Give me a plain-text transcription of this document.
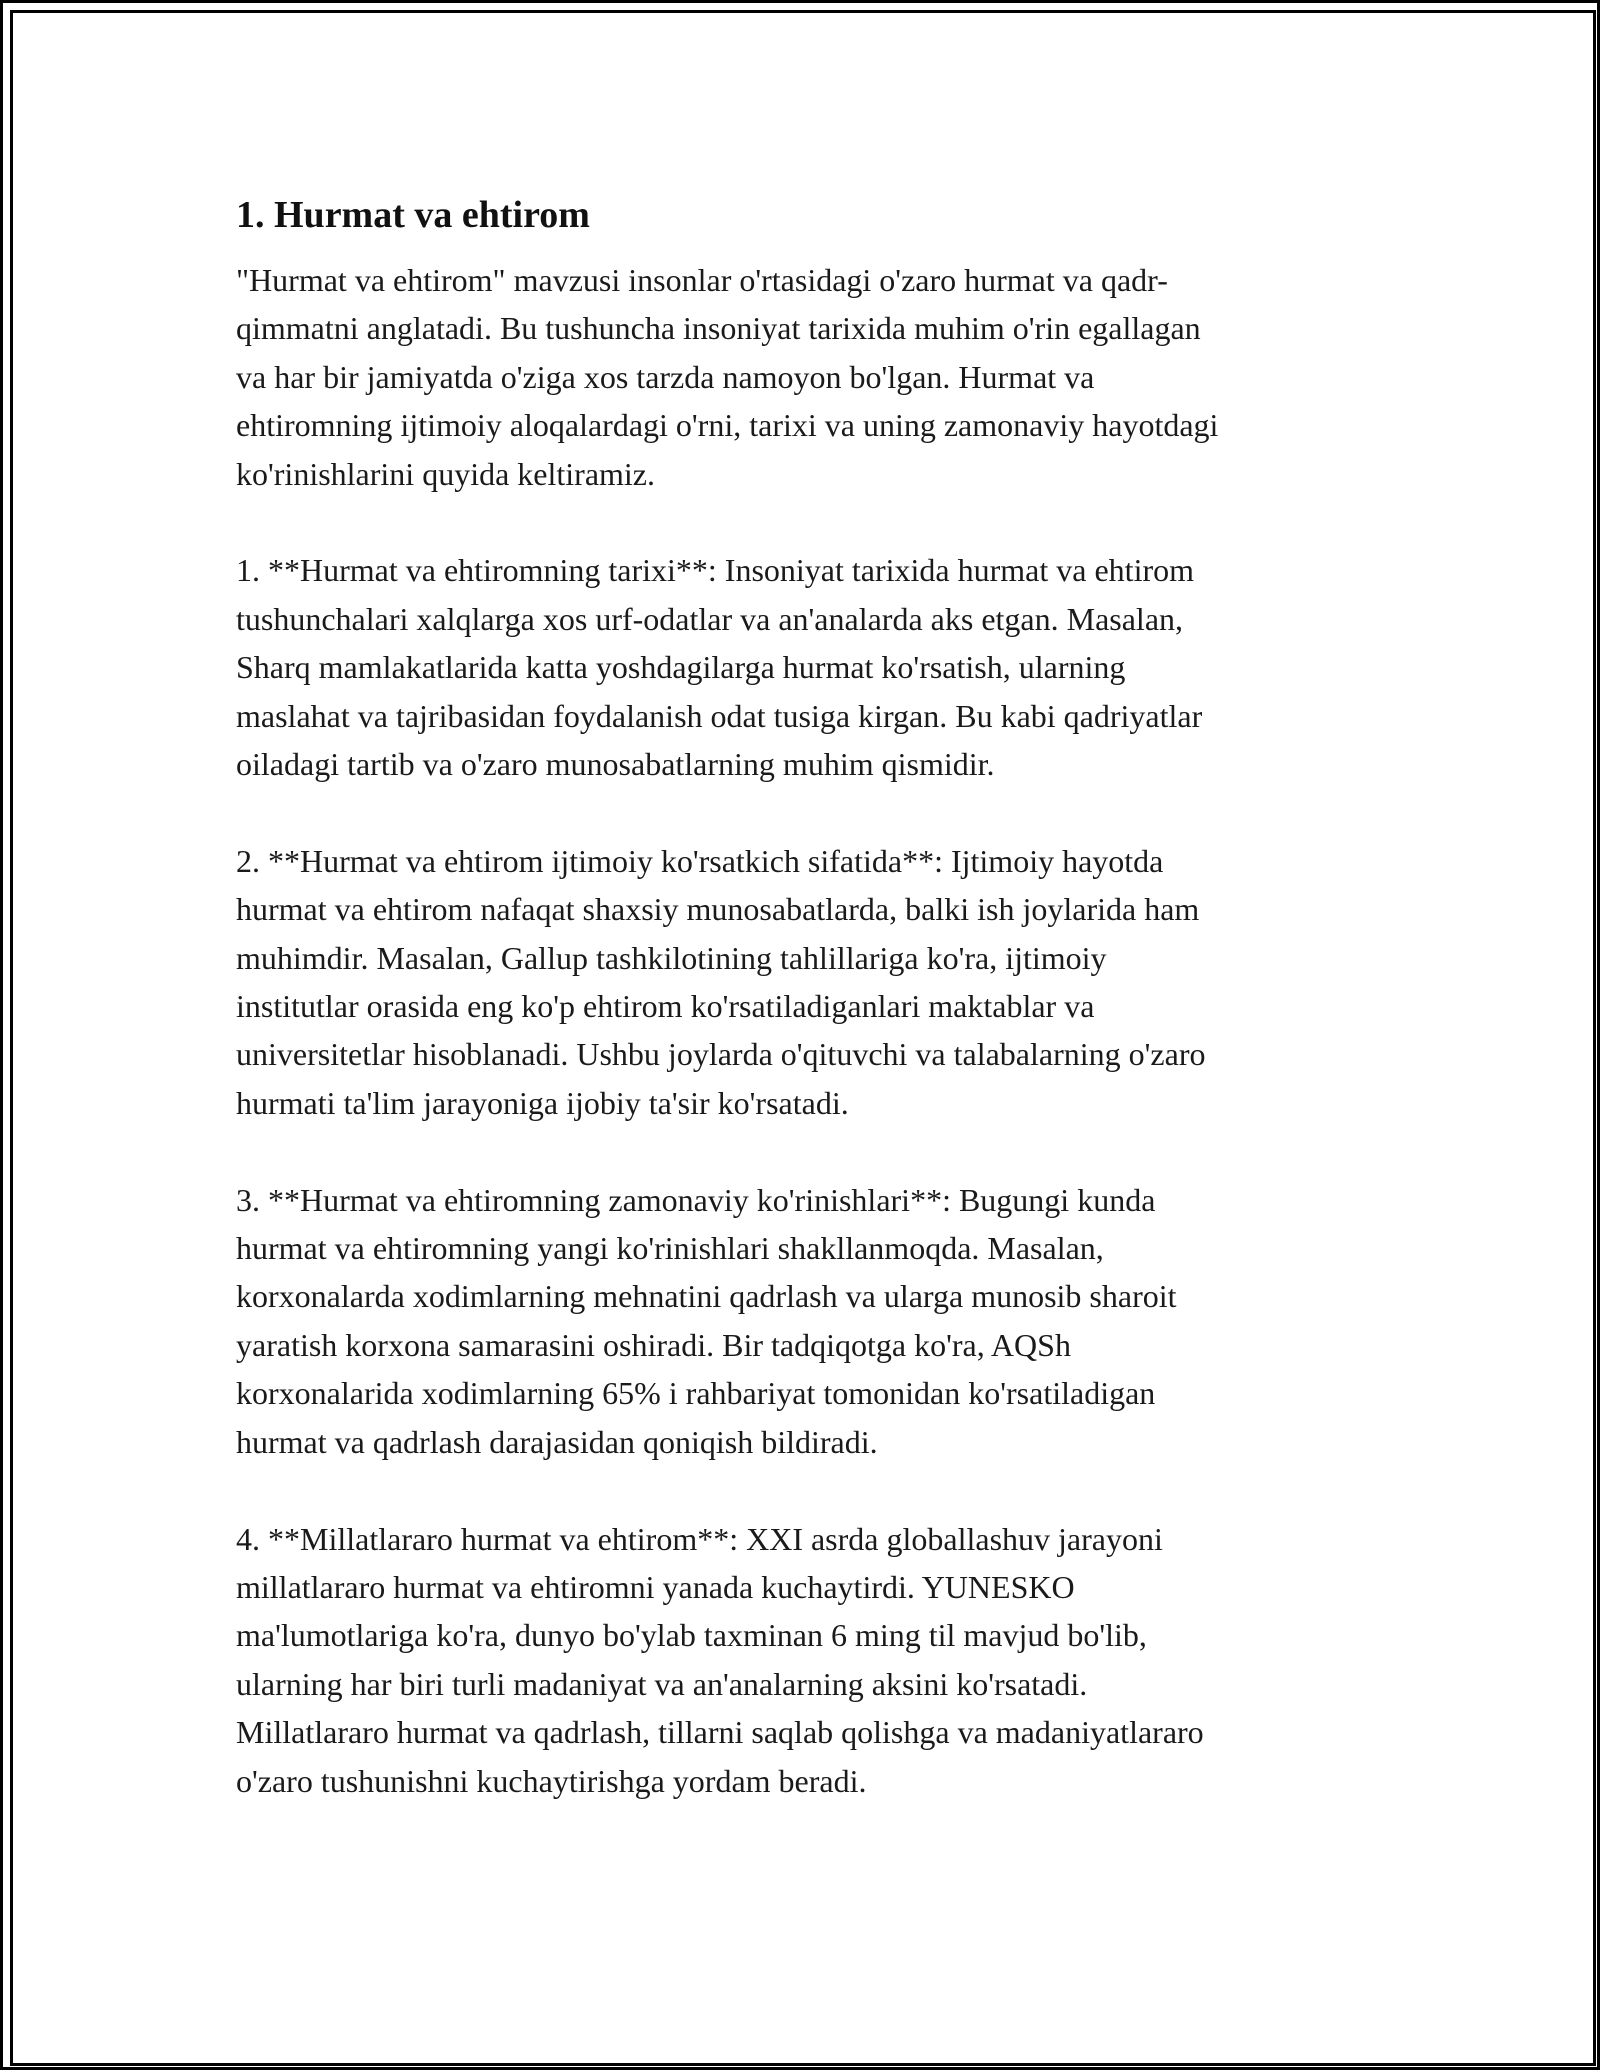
1. Hurmat va ehtirom

"Hurmat va ehtirom" mavzusi insonlar o'rtasidagi o'zaro hurmat va qadr-
qimmatni anglatadi. Bu tushuncha insoniyat tarixida muhim o'rin egallagan
va har bir jamiyatda o'ziga xos tarzda namoyon bo'lgan. Hurmat va
ehtiromning ijtimoiy aloqalardagi o'rni, tarixi va uning zamonaviy hayotdagi
ko'rinishlarini quyida keltiramiz.

1. **Hurmat va ehtiromning tarixi**: Insoniyat tarixida hurmat va ehtirom
tushunchalari xalqlarga xos urf-odatlar va an'analarda aks etgan. Masalan,
Sharq mamlakatlarida katta yoshdagilarga hurmat ko'rsatish, ularning
maslahat va tajribasidan foydalanish odat tusiga kirgan. Bu kabi qadriyatlar
oiladagi tartib va o'zaro munosabatlarning muhim qismidir.

2. **Hurmat va ehtirom ijtimoiy ko'rsatkich sifatida**: Ijtimoiy hayotda
hurmat va ehtirom nafaqat shaxsiy munosabatlarda, balki ish joylarida ham
muhimdir. Masalan, Gallup tashkilotining tahlillariga ko'ra, ijtimoiy
institutlar orasida eng ko'p ehtirom ko'rsatiladiganlari maktablar va
universitetlar hisoblanadi. Ushbu joylarda o'qituvchi va talabalarning o'zaro
hurmati ta'lim jarayoniga ijobiy ta'sir ko'rsatadi.

3. **Hurmat va ehtiromning zamonaviy ko'rinishlari**: Bugungi kunda
hurmat va ehtiromning yangi ko'rinishlari shakllanmoqda. Masalan,
korxonalarda xodimlarning mehnatini qadrlash va ularga munosib sharoit
yaratish korxona samarasini oshiradi. Bir tadqiqotga ko'ra, AQSh
korxonalarida xodimlarning 65% i rahbariyat tomonidan ko'rsatiladigan
hurmat va qadrlash darajasidan qoniqish bildiradi.

4. **Millatlararo hurmat va ehtirom**: XXI asrda globallashuv jarayoni
millatlararo hurmat va ehtiromni yanada kuchaytirdi. YUNESKO
ma'lumotlariga ko'ra, dunyo bo'ylab taxminan 6 ming til mavjud bo'lib,
ularning har biri turli madaniyat va an'analarning aksini ko'rsatadi.
Millatlararo hurmat va qadrlash, tillarni saqlab qolishga va madaniyatlararo
o'zaro tushunishni kuchaytirishga yordam beradi.
